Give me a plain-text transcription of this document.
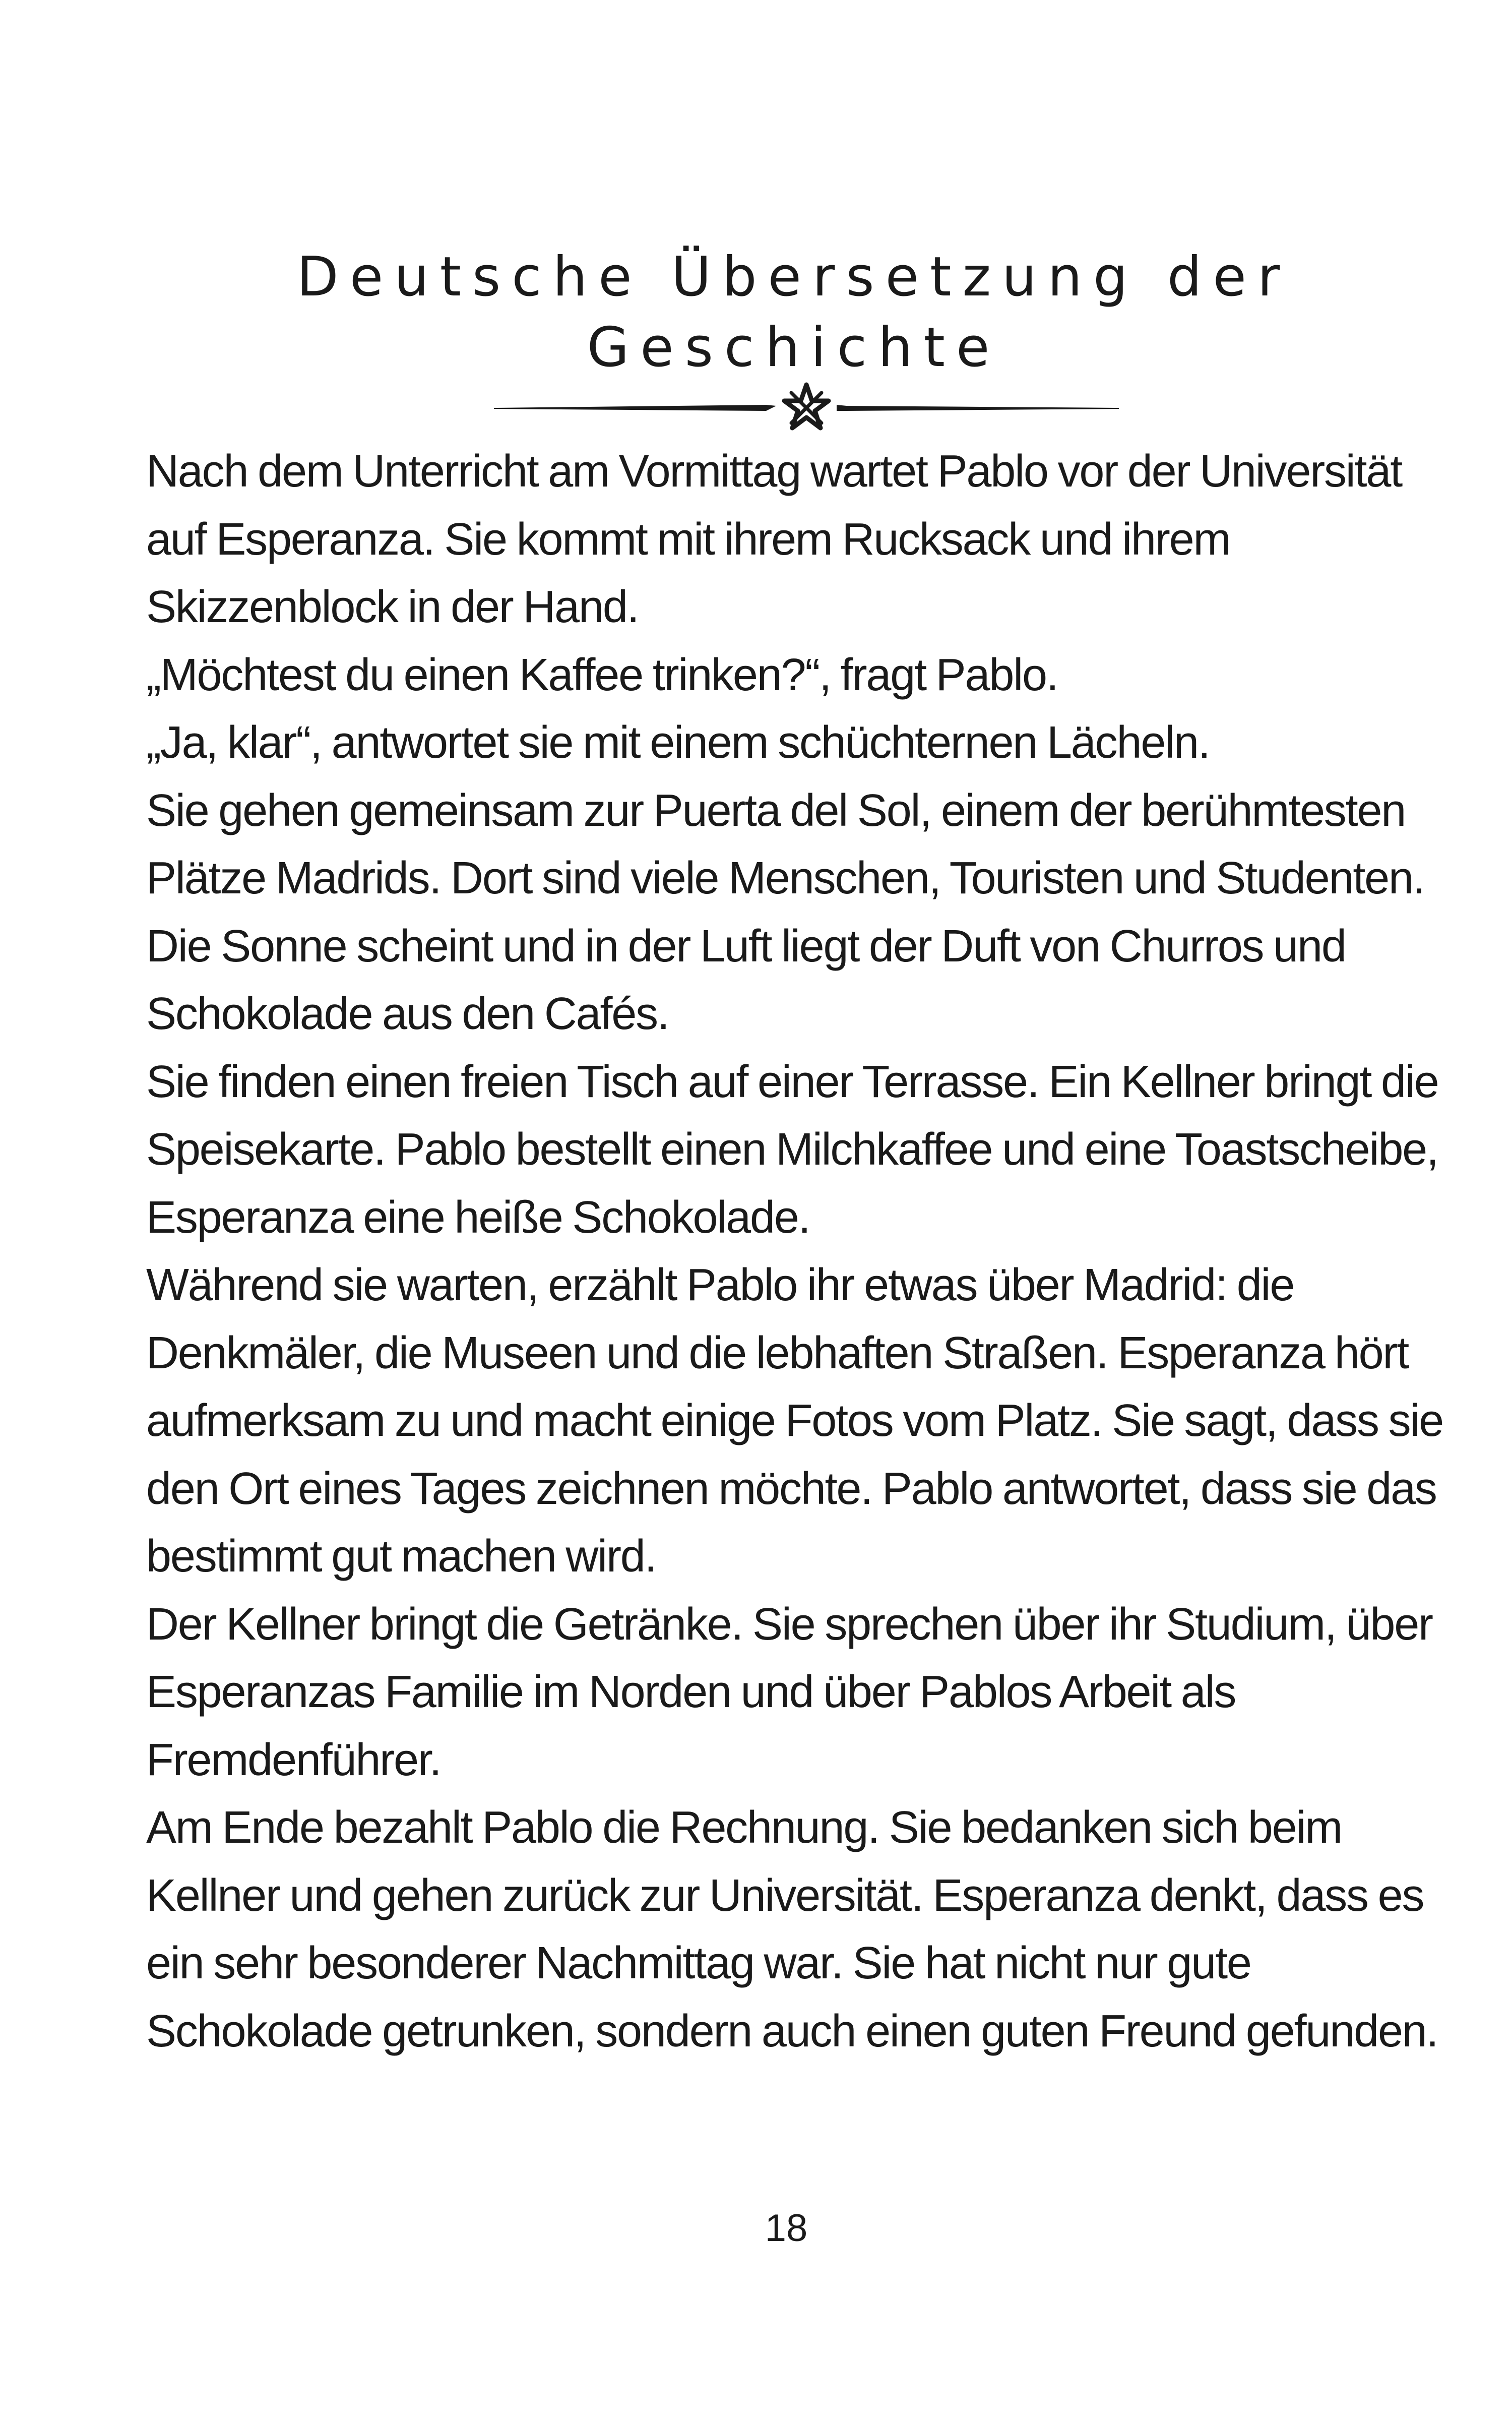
Deutsche Übersetzung der Geschichte

Nach dem Unterricht am Vormittag wartet Pablo vor der Universität auf Esperanza. Sie kommt mit ihrem Rucksack und ihrem Skizzenblock in der Hand.

„Möchtest du einen Kaffee trinken?“, fragt Pablo.

„Ja, klar“, antwortet sie mit einem schüchternen Lächeln.

Sie gehen gemeinsam zur Puerta del Sol, einem der berühmtesten Plätze Madrids. Dort sind viele Menschen, Touristen und Studenten. Die Sonne scheint und in der Luft liegt der Duft von Churros und Schokolade aus den Cafés.

Sie finden einen freien Tisch auf einer Terrasse. Ein Kellner bringt die Speisekarte. Pablo bestellt einen Milchkaffee und eine Toastscheibe, Esperanza eine heiße Schokolade.

Während sie warten, erzählt Pablo ihr etwas über Madrid: die Denkmäler, die Museen und die lebhaften Straßen. Esperanza hört aufmerksam zu und macht einige Fotos vom Platz. Sie sagt, dass sie den Ort eines Tages zeichnen möchte. Pablo antwortet, dass sie das bestimmt gut machen wird.

Der Kellner bringt die Getränke. Sie sprechen über ihr Studium, über Esperanzas Familie im Norden und über Pablos Arbeit als Fremdenführer.

Am Ende bezahlt Pablo die Rechnung. Sie bedanken sich beim Kellner und gehen zurück zur Universität. Esperanza denkt, dass es ein sehr besonderer Nachmittag war. Sie hat nicht nur gute Schokolade getrunken, sondern auch einen guten Freund gefunden.

18
